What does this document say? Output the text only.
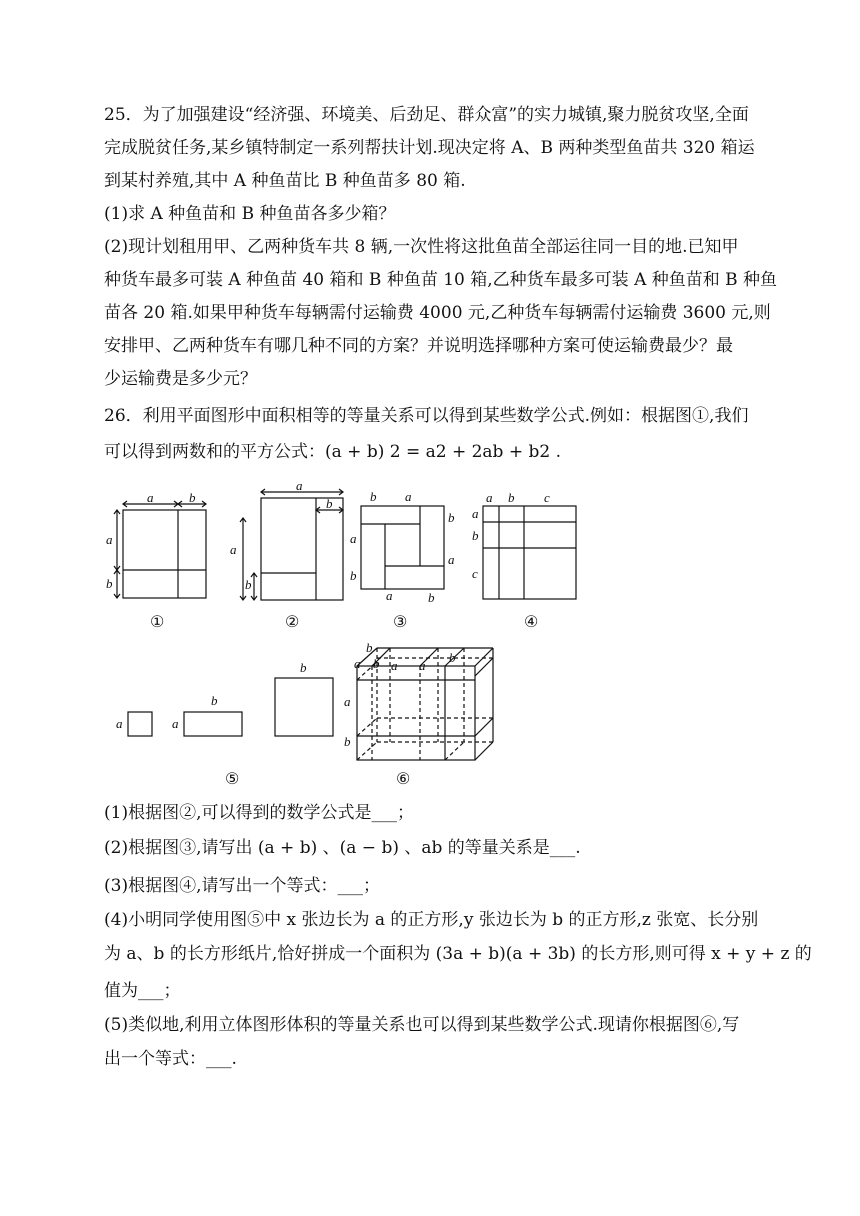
25．为了加强建设“经济强、环境美、后劲足、群众富”的实力城镇,聚力脱贫攻坚,全面
完成脱贫任务,某乡镇特制定一系列帮扶计划.现决定将 A、B 两种类型鱼苗共 320 箱运
到某村养殖,其中 A 种鱼苗比 B 种鱼苗多 80 箱.
(1)求 A 种鱼苗和 B 种鱼苗各多少箱？
(2)现计划租用甲、乙两种货车共 8 辆,一次性将这批鱼苗全部运往同一目的地.已知甲
种货车最多可装 A 种鱼苗 40 箱和 B 种鱼苗 10 箱,乙种货车最多可装 A 种鱼苗和 B 种鱼
苗各 20 箱.如果甲种货车每辆需付运输费 4000 元,乙种货车每辆需付运输费 3600 元,则
安排甲、乙两种货车有哪几种不同的方案？并说明选择哪种方案可使运输费最少？最
少运输费是多少元？
26．利用平面图形中面积相等的等量关系可以得到某些数学公式.例如：根据图①,我们
可以得到两数和的平方公式：(a + b) 2 = a2 + 2ab + b2 .
a	b
a
b
①
a
b
a
b
②
b a
b
a
a
b
a	b
③
a b c
a
b
c
④
a	a
b
b
⑤
b
a b a a
b
a
b
⑥
(1)根据图②,可以得到的数学公式是___；
(2)根据图③,请写出 (a + b) 、(a − b) 、ab 的等量关系是___.
(3)根据图④,请写出一个等式：___；
(4)小明同学使用图⑤中 x 张边长为 a 的正方形,y 张边长为 b 的正方形,z 张宽、长分别
为 a、b 的长方形纸片,恰好拼成一个面积为 (3a + b)(a + 3b) 的长方形,则可得 x + y + z 的
值为___；
(5)类似地,利用立体图形体积的等量关系也可以得到某些数学公式.现请你根据图⑥,写
出一个等式：___.
